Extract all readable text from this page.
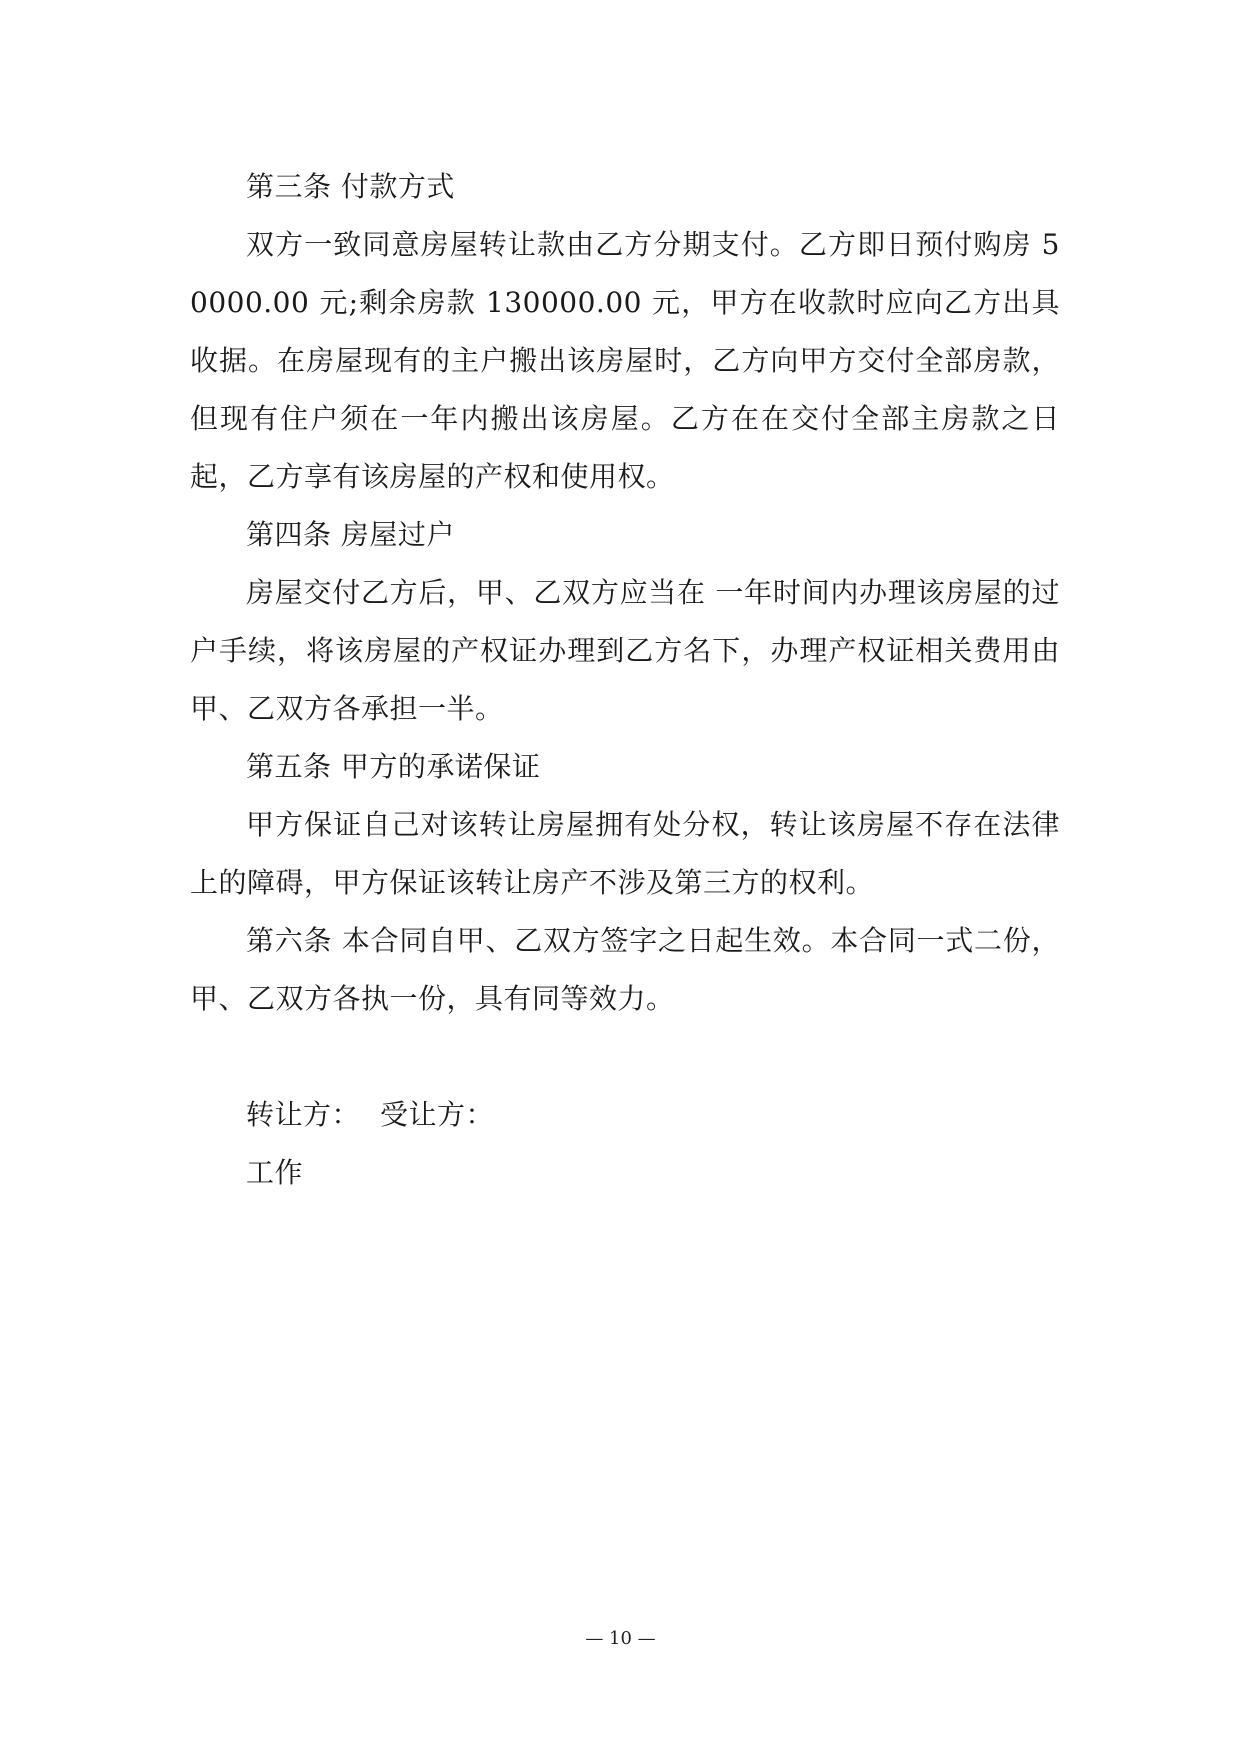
第三条 付款方式

双方一致同意房屋转让款由乙方分期支付。乙方即日预付购房 50000.00 元;剩余房款 130000.00 元，甲方在收款时应向乙方出具收据。在房屋现有的主户搬出该房屋时，乙方向甲方交付全部房款，但现有住户须在一年内搬出该房屋。乙方在在交付全部主房款之日起，乙方享有该房屋的产权和使用权。

第四条 房屋过户

房屋交付乙方后，甲、乙双方应当在 一年时间内办理该房屋的过户手续，将该房屋的产权证办理到乙方名下，办理产权证相关费用由甲、乙双方各承担一半。

第五条 甲方的承诺保证

甲方保证自己对该转让房屋拥有处分权，转让该房屋不存在法律上的障碍，甲方保证该转让房产不涉及第三方的权利。

第六条 本合同自甲、乙双方签字之日起生效。本合同一式二份，甲、乙双方各执一份，具有同等效力。

转让方： 受让方：

工作

— 10 —
